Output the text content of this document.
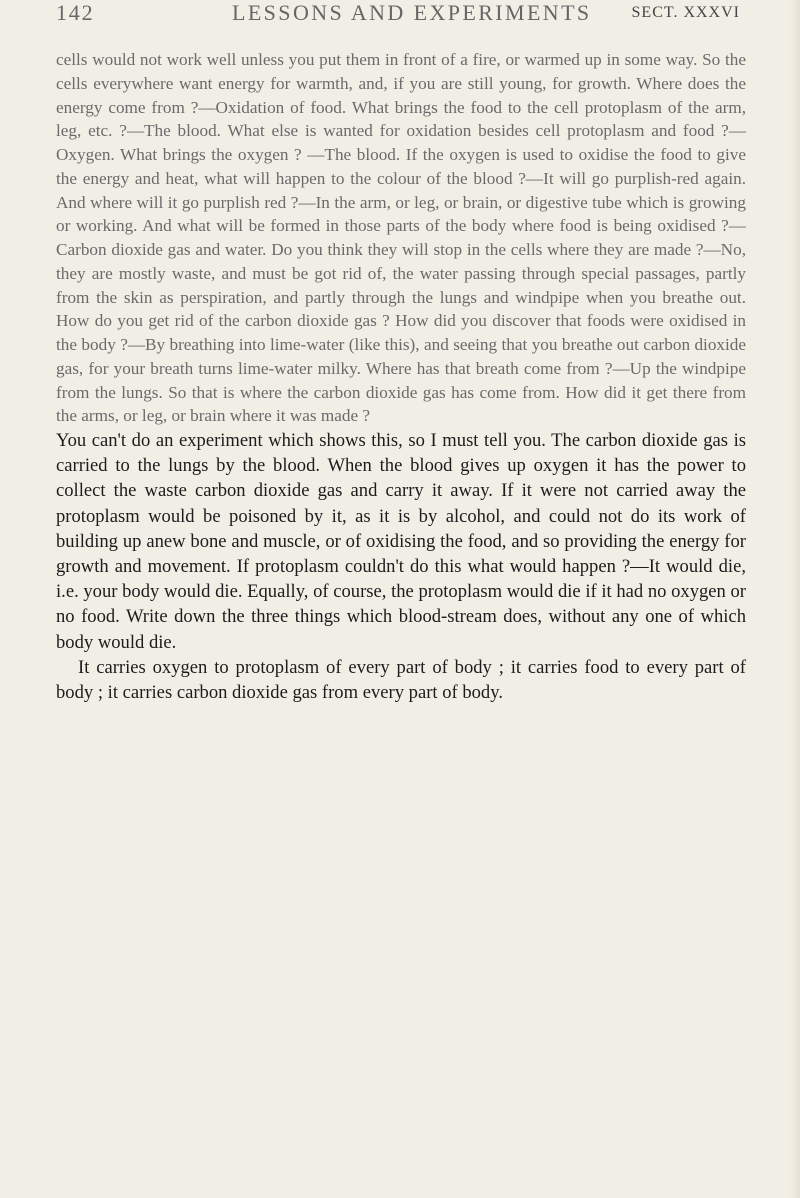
142	LESSONS AND EXPERIMENTS SECT. XXXVI

cells would not work well unless you put them in front of a fire, or warmed up in some way. So the cells everywhere want energy for warmth, and, if you are still young, for growth. Where does the energy come from ?—Oxidation of food. What brings the food to the cell protoplasm of the arm, leg, etc. ?—The blood. What else is wanted for oxidation besides cell protoplasm and food ?—Oxygen. What brings the oxygen ? —The blood. If the oxygen is used to oxidise the food to give the energy and heat, what will happen to the colour of the blood ?—It will go purplish-red again. And where will it go purplish red ?—In the arm, or leg, or brain, or digestive tube which is growing or working. And what will be formed in those parts of the body where food is being oxidised ?—Carbon dioxide gas and water. Do you think they will stop in the cells where they are made ?—No, they are mostly waste, and must be got rid of, the water passing through special passages, partly from the skin as perspiration, and partly through the lungs and windpipe when you breathe out. How do you get rid of the carbon dioxide gas ? How did you discover that foods were oxidised in the body ?—By breathing into lime-water (like this), and seeing that you breathe out carbon dioxide gas, for your breath turns lime-water milky. Where has that breath come from ?—Up the windpipe from the lungs. So that is where the carbon dioxide gas has come from. How did it get there from the arms, or leg, or brain where it was made ?

You can't do an experiment which shows this, so I must tell you. The carbon dioxide gas is carried to the lungs by the blood. When the blood gives up oxygen it has the power to collect the waste carbon dioxide gas and carry it away. If it were not carried away the protoplasm would be poisoned by it, as it is by alcohol, and could not do its work of building up anew bone and muscle, or of oxidising the food, and so providing the energy for growth and movement. If protoplasm couldn't do this what would happen ?—It would die, i.e. your body would die. Equally, of course, the protoplasm would die if it had no oxygen or no food. Write down the three things which blood-stream does, without any one of which body would die.

It carries oxygen to protoplasm of every part of body ; it carries food to every part of body ; it carries carbon dioxide gas from every part of body.
